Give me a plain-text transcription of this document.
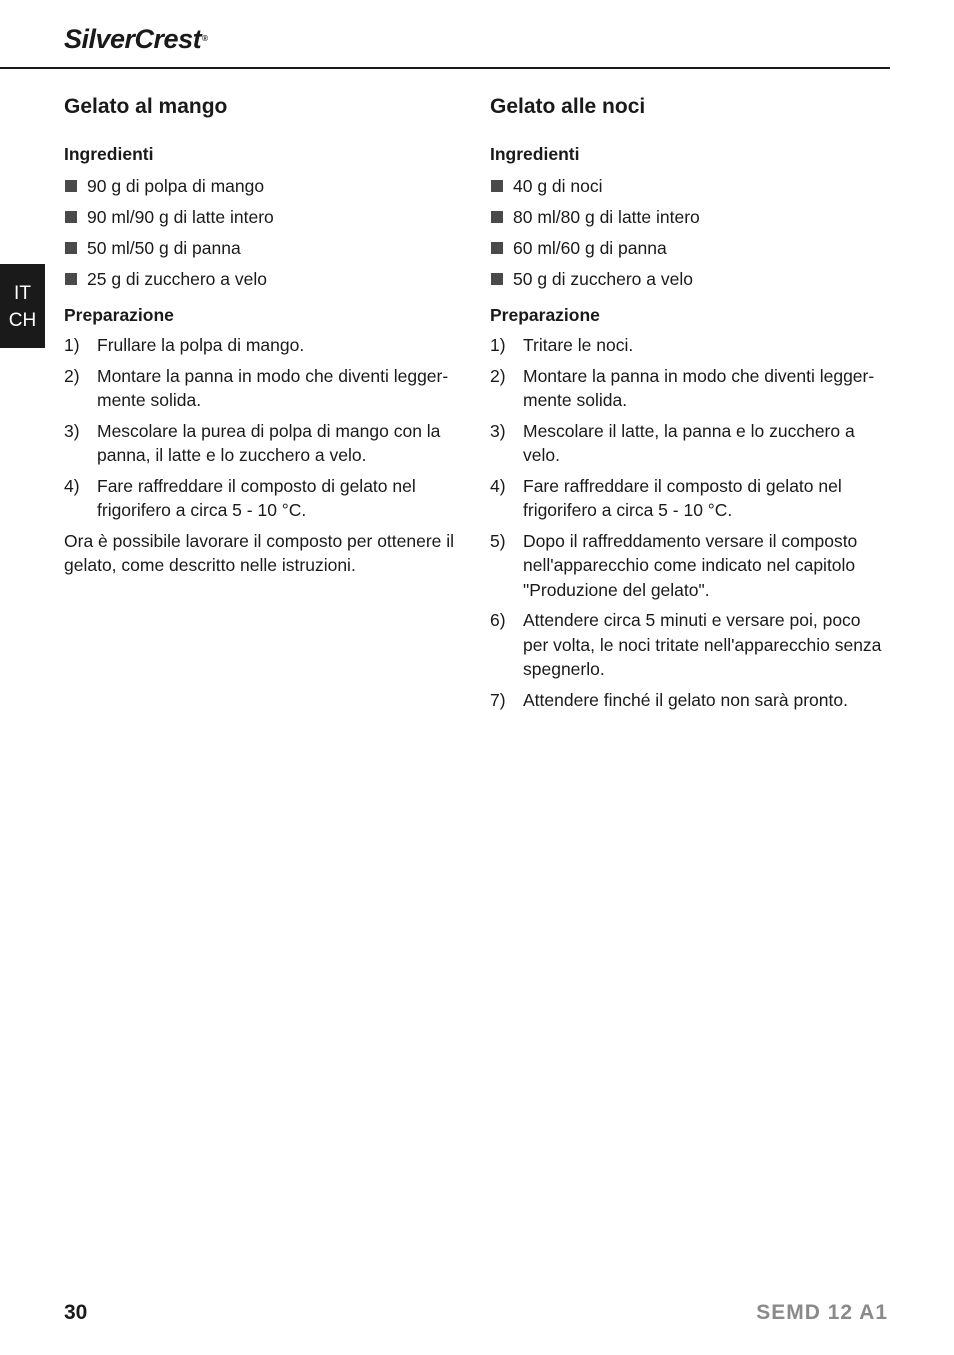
SilverCrest®
IT
CH
Gelato al mango
Ingredienti
90 g di polpa di mango
90 ml/90 g di latte intero
50 ml/50 g di panna
25 g di zucchero a velo
Preparazione
1) Frullare la polpa di mango.
2) Montare la panna in modo che diventi legger-mente solida.
3) Mescolare la purea di polpa di mango con la panna, il latte e lo zucchero a velo.
4) Fare raffreddare il composto di gelato nel frigorifero a circa 5 - 10 °C.

Ora è possibile lavorare il composto per ottenere il gelato, come descritto nelle istruzioni.

Gelato alle noci
Ingredienti
40 g di noci
80 ml/80 g di latte intero
60 ml/60 g di panna
50 g di zucchero a velo
Preparazione
1) Tritare le noci.
2) Montare la panna in modo che diventi legger-mente solida.
3) Mescolare il latte, la panna e lo zucchero a velo.
4) Fare raffreddare il composto di gelato nel frigorifero a circa 5 - 10 °C.
5) Dopo il raffreddamento versare il composto nell'apparecchio come indicato nel capitolo "Produzione del gelato".
6) Attendere circa 5 minuti e versare poi, poco per volta, le noci tritate nell'apparecchio senza spegnerlo.
7) Attendere finché il gelato non sarà pronto.
30	SEMD 12 A1
